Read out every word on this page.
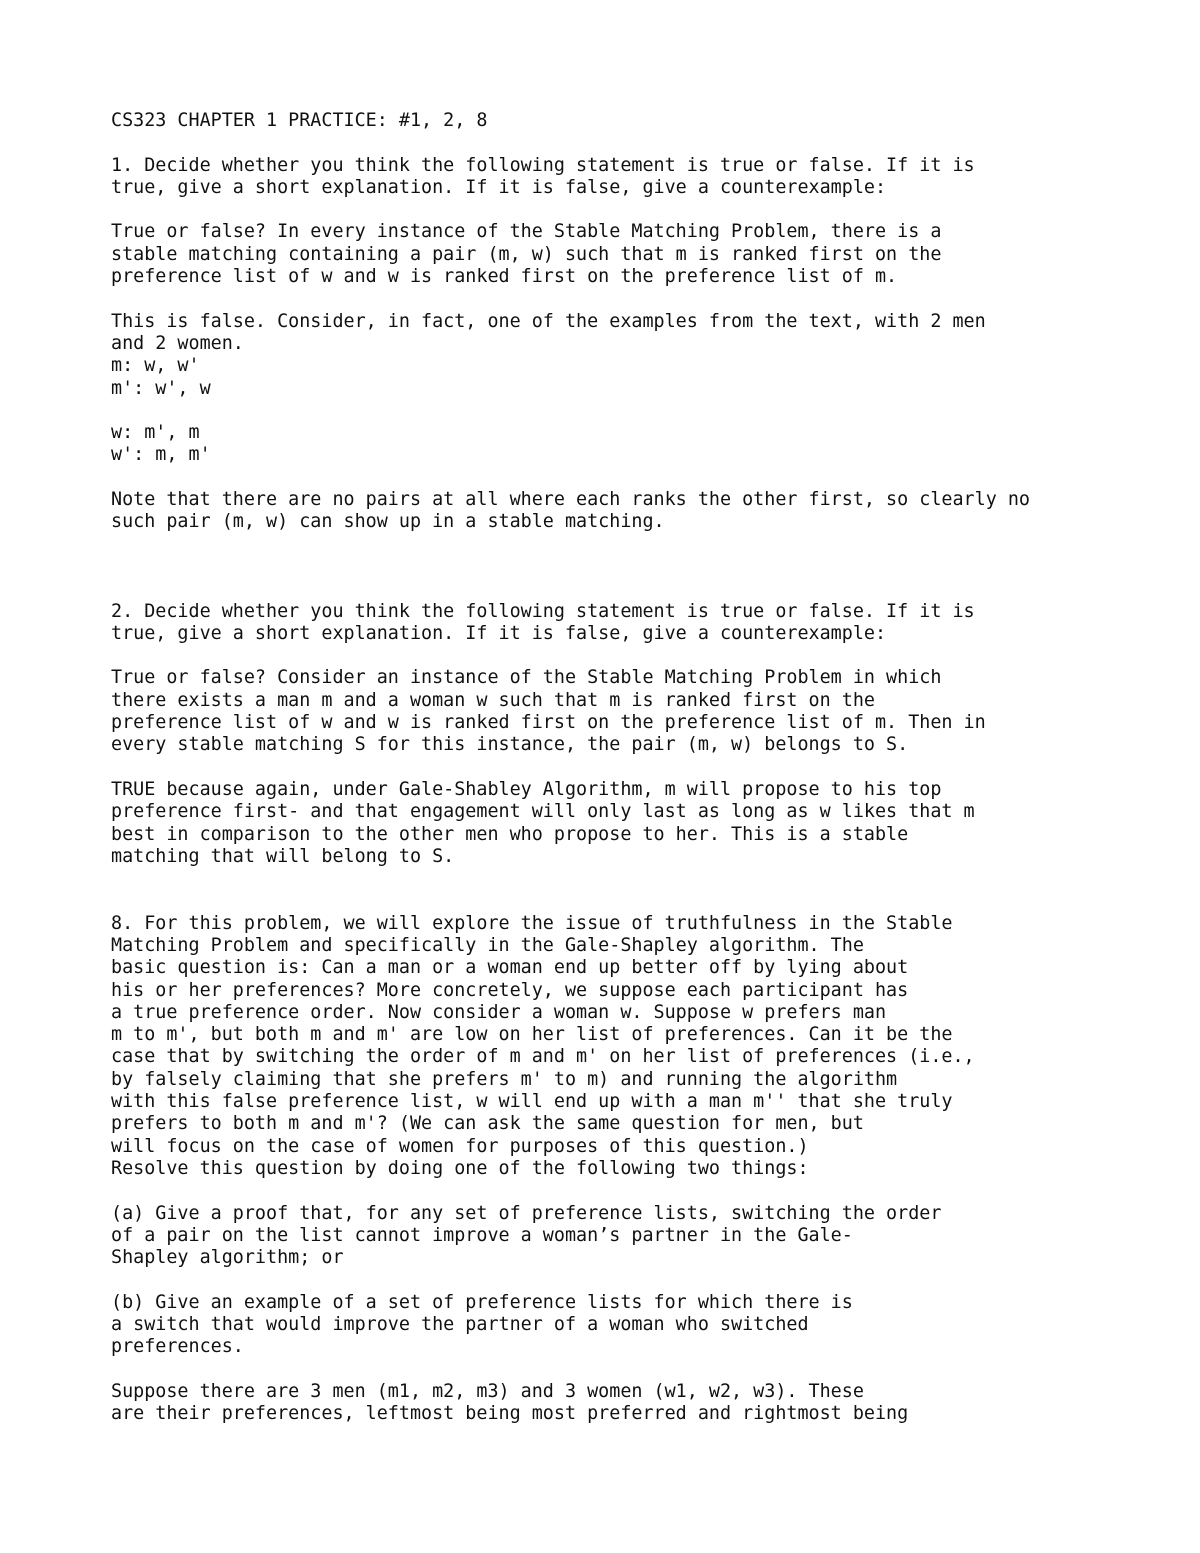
CS323 CHAPTER 1 PRACTICE: #1, 2, 8
1. Decide whether you think the following statement is true or false. If it is
true, give a short explanation. If it is false, give a counterexample:
True or false? In every instance of the Stable Matching Problem, there is a
stable matching containing a pair (m, w) such that m is ranked first on the
preference list of w and w is ranked first on the preference list of m.
This is false. Consider, in fact, one of the examples from the text, with 2 men
and 2 women.
m: w, w'
m': w', w
w: m', m
w': m, m'
Note that there are no pairs at all where each ranks the other first, so clearly no
such pair (m, w) can show up in a stable matching.
2. Decide whether you think the following statement is true or false. If it is
true, give a short explanation. If it is false, give a counterexample:
True or false? Consider an instance of the Stable Matching Problem in which
there exists a man m and a woman w such that m is ranked first on the
preference list of w and w is ranked first on the preference list of m. Then in
every stable matching S for this instance, the pair (m, w) belongs to S.
TRUE because again, under Gale-Shabley Algorithm, m will propose to his top
preference first- and that engagement will only last as long as w likes that m
best in comparison to the other men who propose to her. This is a stable
matching that will belong to S.
8. For this problem, we will explore the issue of truthfulness in the Stable
Matching Problem and specifically in the Gale-Shapley algorithm. The
basic question is: Can a man or a woman end up better off by lying about
his or her preferences? More concretely, we suppose each participant has
a true preference order. Now consider a woman w. Suppose w prefers man
m to m', but both m and m' are low on her list of preferences. Can it be the
case that by switching the order of m and m' on her list of preferences (i.e.,
by falsely claiming that she prefers m' to m) and running the algorithm
with this false preference list, w will end up with a man m'' that she truly
prefers to both m and m'? (We can ask the same question for men, but
will focus on the case of women for purposes of this question.)
Resolve this question by doing one of the following two things:
(a) Give a proof that, for any set of preference lists, switching the order
of a pair on the list cannot improve a woman’s partner in the Gale-
Shapley algorithm; or
(b) Give an example of a set of preference lists for which there is
a switch that would improve the partner of a woman who switched
preferences.
Suppose there are 3 men (m1, m2, m3) and 3 women (w1, w2, w3). These
are their preferences, leftmost being most preferred and rightmost being
